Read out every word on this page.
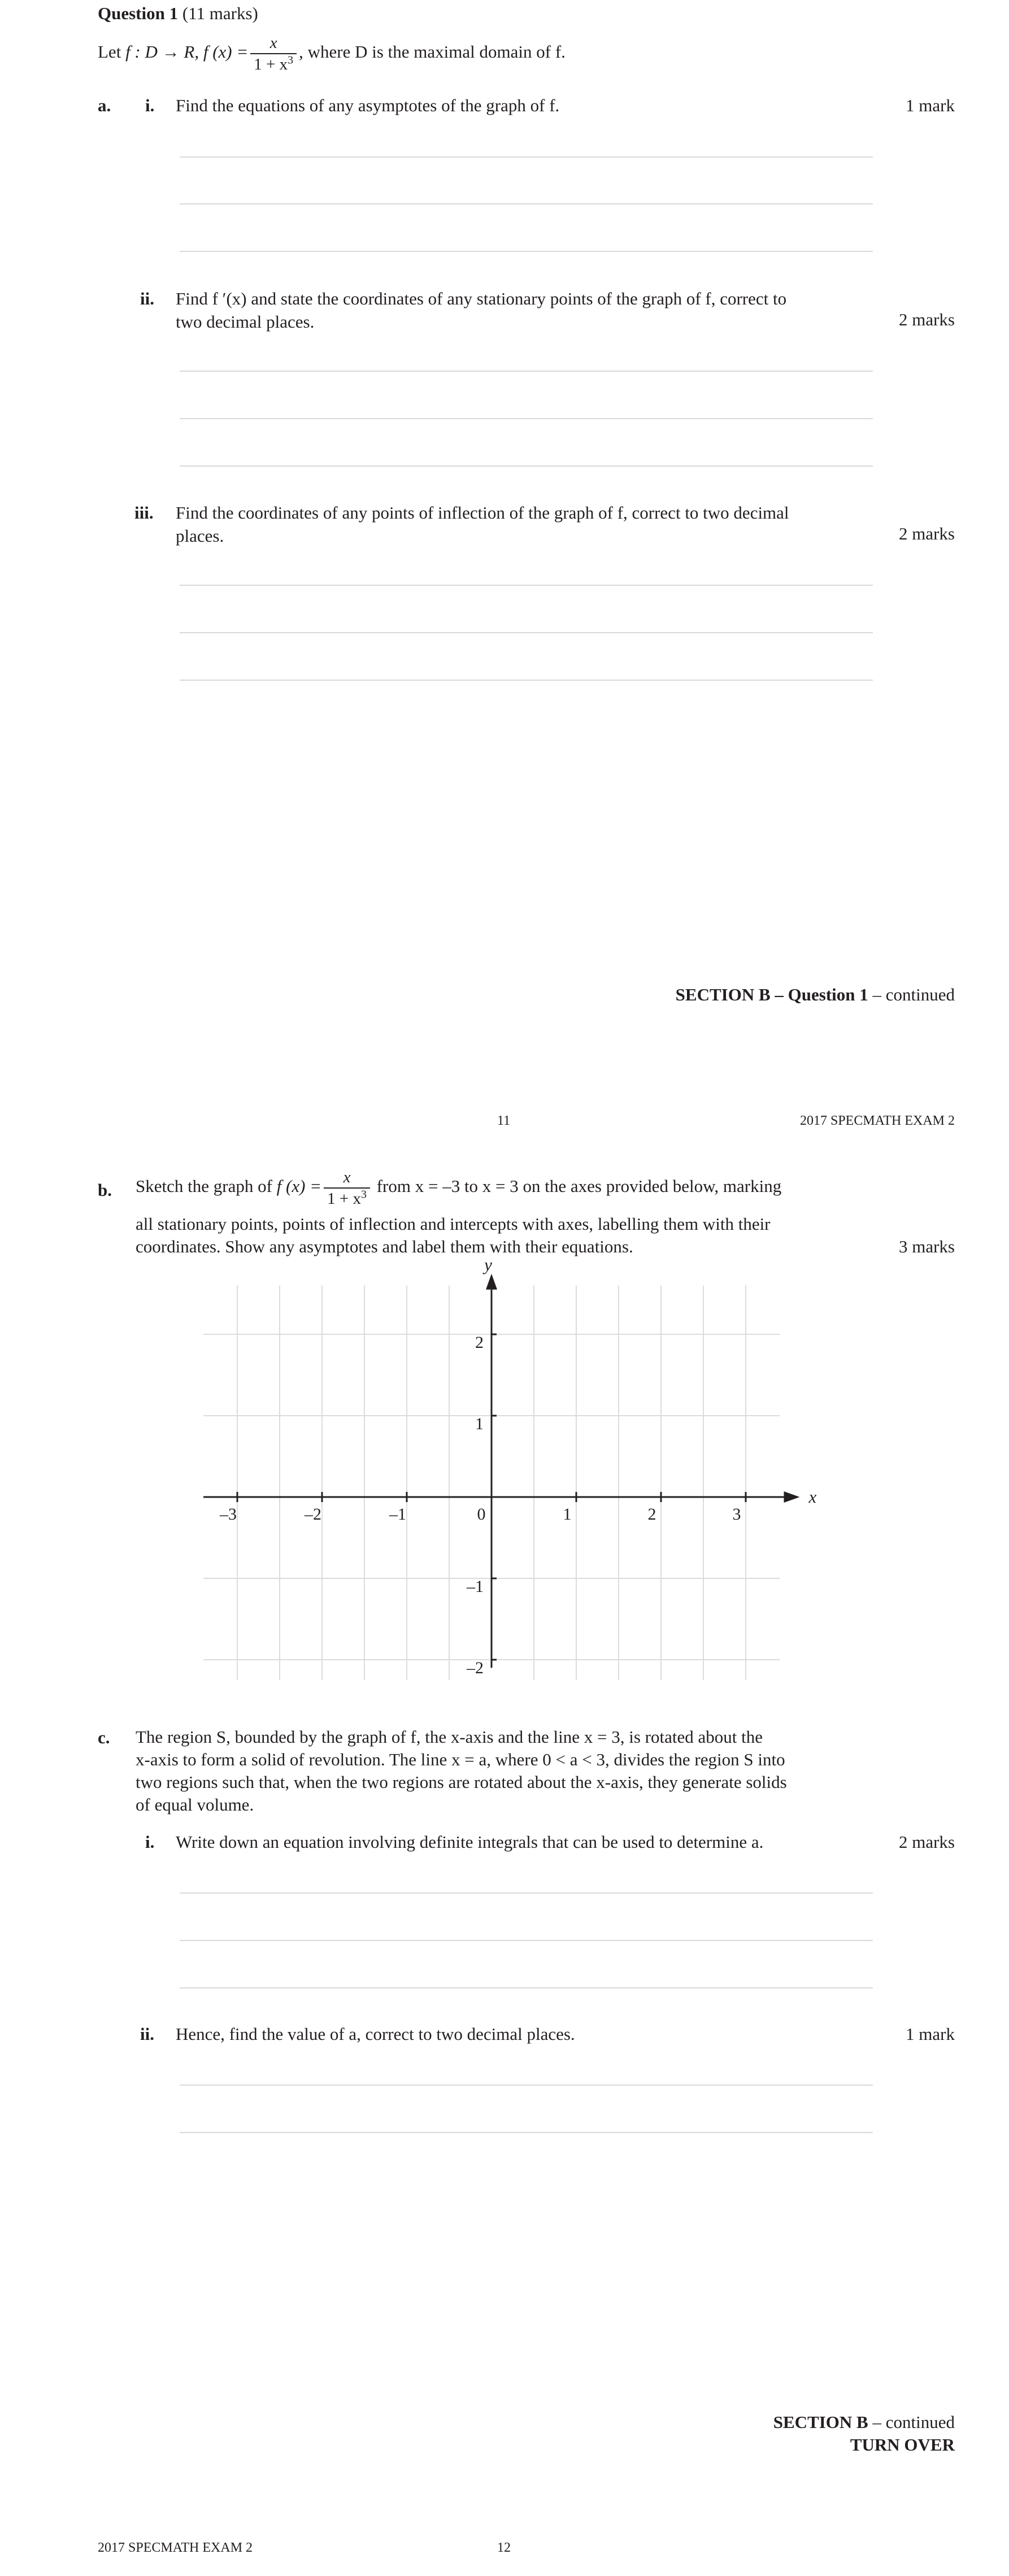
Question 1 (11 marks)
Let f : D → R, f $(x) = \frac{x}{1 + x^3}$ , where D is the maximal domain of f.
a. i. Find the equations of any asymptotes of the graph of f.	1 mark
ii. Find f ′(x) and state the coordinates of any stationary points of the graph of f, correct to
two decimal places.	2 marks
iii. Find the coordinates of any points of inflection of the graph of f, correct to two decimal
places.	2 marks
SECTION B – Question 1 – continued
11	2017 SPECMATH EXAM 2
b. Sketch the graph of f $(x) = \frac{x}{1 + x^3}$ from x = –3 to x = 3 on the axes provided below, marking
all stationary points, points of inflection and intercepts with axes, labelling them with their
coordinates. Show any asymptotes and label them with their equations.	3 marks
–3	–2	–1	0	1	2	3
–2
–1
1
2
x
y
c. The region S, bounded by the graph of f, the x-axis and the line x = 3, is rotated about the
x-axis to form a solid of revolution. The line x = a, where 0 < a < 3, divides the region S into
two regions such that, when the two regions are rotated about the x-axis, they generate solids
of equal volume.
i. Write down an equation involving definite integrals that can be used to determine a.	2 marks
ii. Hence, find the value of a, correct to two decimal places.	1 mark
SECTION B – continued
TURN OVER
2017 SPECMATH EXAM 2	12
